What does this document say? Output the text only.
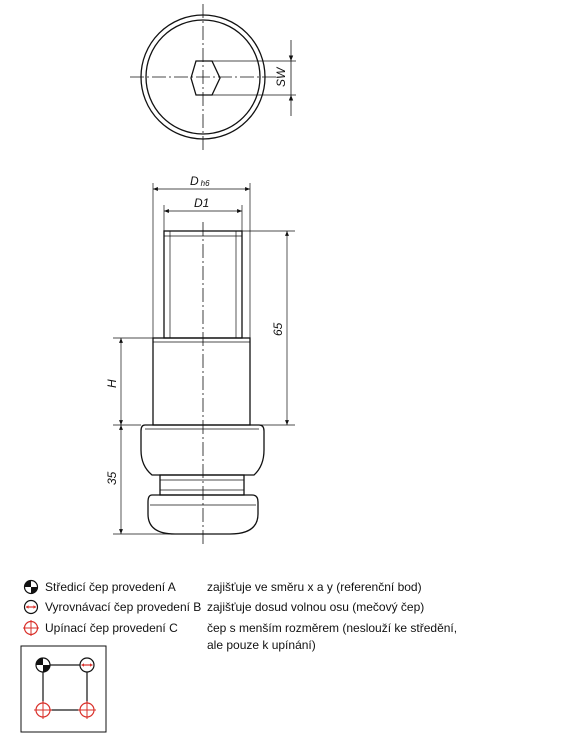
SW
Dh6
D1
65
H
35
Středicí čep provedení A	zajišťuje ve směru x a y (referenční bod)
Vyrovnávací čep provedení B zajišťuje dosud volnou osu (mečový čep)
Upínací čep provedení C čep s menším rozměrem (neslouží ke středění,
ale pouze k upínání)
